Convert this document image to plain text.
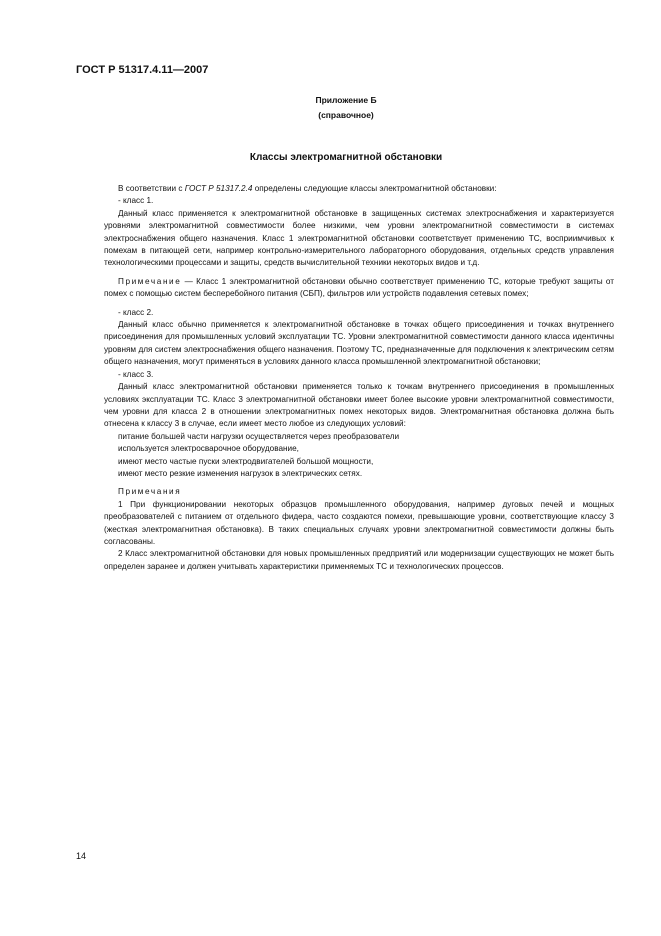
ГОСТ Р 51317.4.11—2007
Приложение Б
(справочное)
Классы электромагнитной обстановки

В соответствии с ГОСТ Р 51317.2.4 определены следующие классы электромагнитной обстановки:

- класс 1.

Данный класс применяется к электромагнитной обстановке в защищенных системах электроснабжения и характеризуется уровнями электромагнитной совместимости более низкими, чем уровни электромагнитной совместимости в системах электроснабжения общего назначения. Класс 1 электромагнитной обстановки соответствует применению ТС, восприимчивых к помехам в питающей сети, например контрольно-измерительного лабораторного оборудования, отдельных средств управления технологическими процессами и защиты, средств вычислительной техники некоторых видов и т.д.

Примечание — Класс 1 электромагнитной обстановки обычно соответствует применению ТС, которые требуют защиты от помех с помощью систем бесперебойного питания (СБП), фильтров или устройств подавления сетевых помех;

- класс 2.

Данный класс обычно применяется к электромагнитной обстановке в точках общего присоединения и точках внутреннего присоединения для промышленных условий эксплуатации ТС. Уровни электромагнитной совместимости данного класса идентичны уровням для систем электроснабжения общего назначения. Поэтому ТС, предназначенные для подключения к электрическим сетям общего назначения, могут применяться в условиях данного класса промышленной электромагнитной обстановки;

- класс 3.

Данный класс электромагнитной обстановки применяется только к точкам внутреннего присоединения в промышленных условиях эксплуатации ТС. Класс 3 электромагнитной обстановки имеет более высокие уровни электромагнитной совместимости, чем уровни для класса 2 в отношении электромагнитных помех некоторых видов. Электромагнитная обстановка должна быть отнесена к классу 3 в случае, если имеет место любое из следующих условий:

питание большей части нагрузки осуществляется через преобразователи

используется электросварочное оборудование,

имеют место частые пуски электродвигателей большой мощности,

имеют место резкие изменения нагрузок в электрических сетях.

Примечания

1 При функционировании некоторых образцов промышленного оборудования, например дуговых печей и мощных преобразователей с питанием от отдельного фидера, часто создаются помехи, превышающие уровни, соответствующие классу 3 (жесткая электромагнитная обстановка). В таких специальных случаях уровни электромагнитной совместимости должны быть согласованы.

2 Класс электромагнитной обстановки для новых промышленных предприятий или модернизации существующих не может быть определен заранее и должен учитывать характеристики применяемых ТС и технологических процессов.

14
